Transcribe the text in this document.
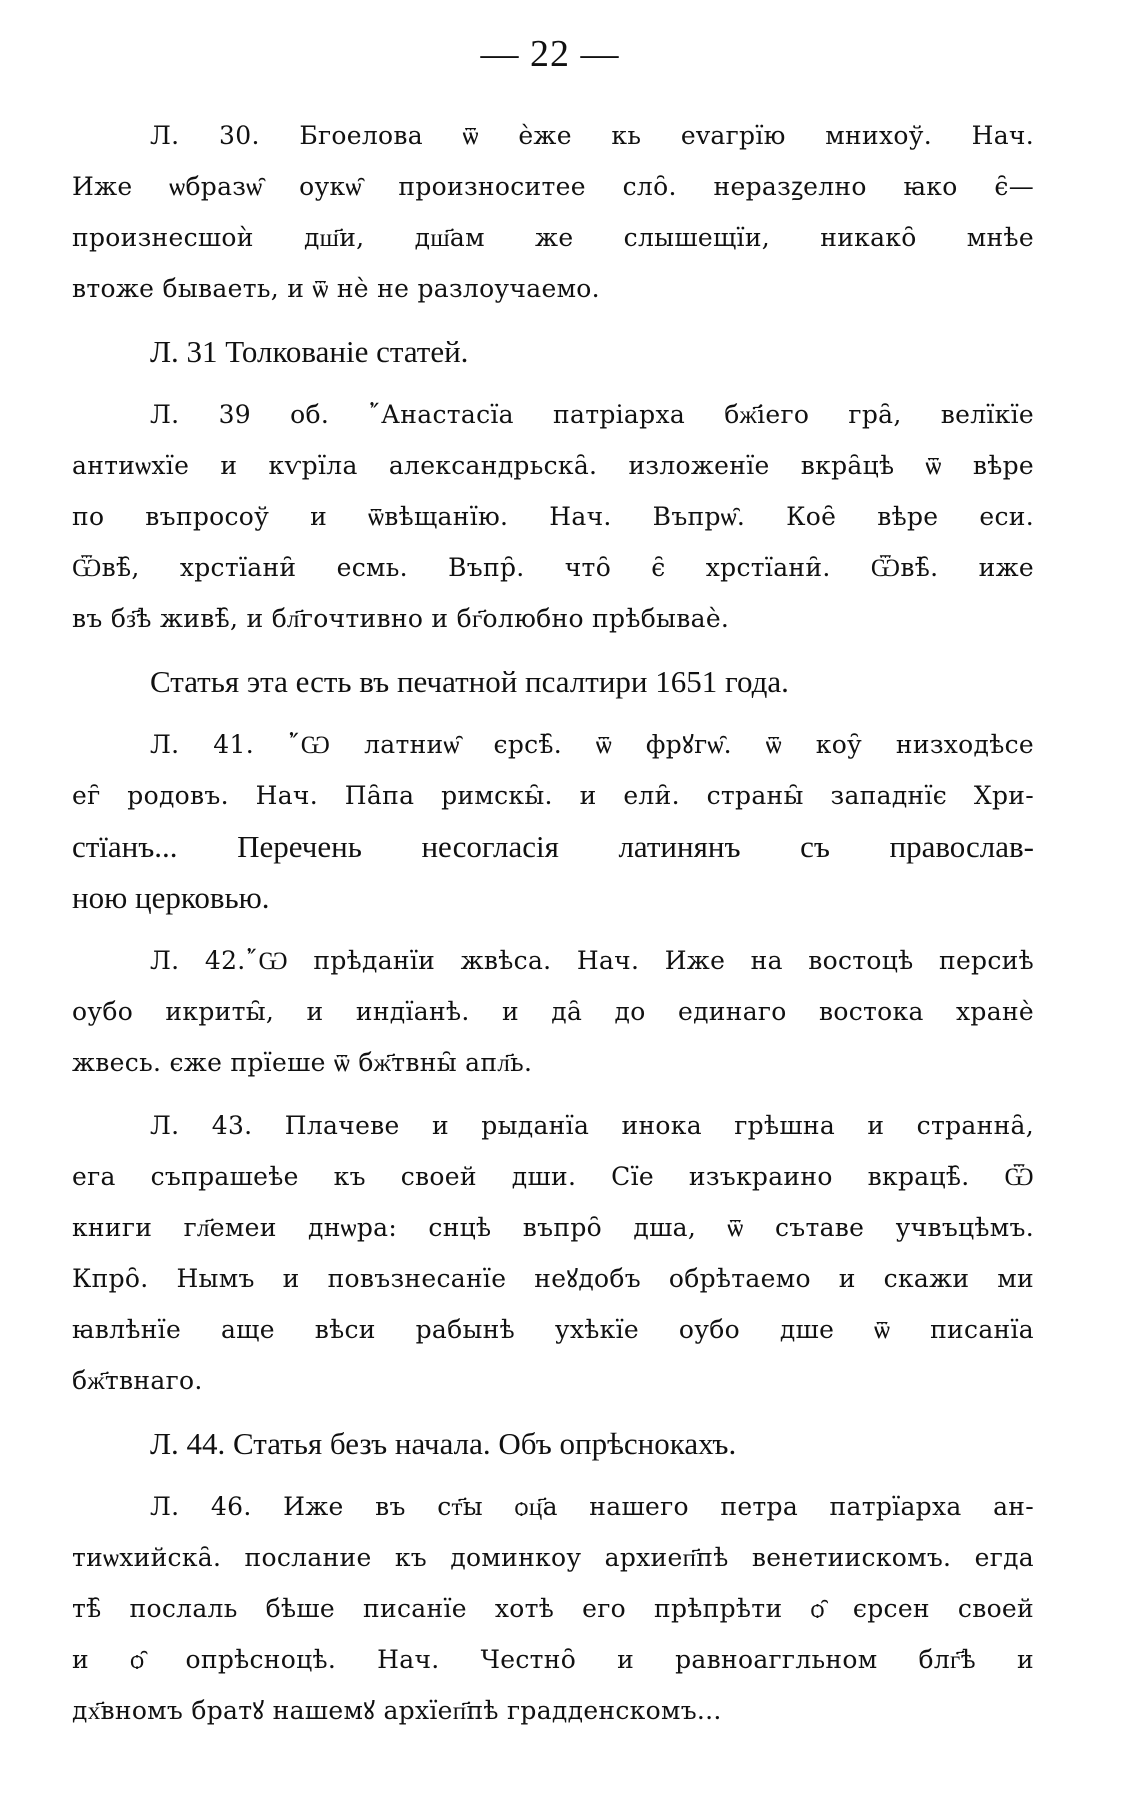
— 22 —
Л. 30. Бгоеловa ѿ ѐже кь еvагрїю мнихоў. Нач.
Иже ѡбразѡ̑ оукѡ̑ произноситее сло̑. неразꙁелно ꙗко є̑—
произнесшоѝ дш҃и, дш҃ам же слышещїи, никако̑ мнѣе
втоже бываеть, и ѿ нѐ не разлоучаемо.
Л. 31 Толкованіе статей.
Л. 39 об. ῎Анастасїа патріарха бж҃іего гра̑, велїкїе
антиѡхїе и кѵрїла александрьска̑. изложенїе вкра̑цѣ ѿ вѣре
по въпросоў и ѿвѣщанїю. Нач. Въпрѡ̑. Кое̑ вѣре еси.
Ѿвѣ̑, хрстїани̑ есмь. Въпр̑. что̑ є̑ хрстїани̑. Ѿвѣ̑. иже
въ бз҃ѣ живѣ̑, и бл҃гочтивно и бг҃олюбно прѣбываѐ.
Статья эта есть въ печатной псалтири 1651 года.
Л. 41. ῎Ѡ латниѡ̑ єрсѣ̑. ѿ фрꙋгѡ̑. ѿ коу̑ низходѣсе
ег̑ родовъ. Нач. Па̑па римскы̑. и ели̑. страны̑ западнїє Хри-
стїанъ... Перечень несогласія латинянъ съ православ-
ною церковью.
Л. 42.῎Ѡ прѣданїи жвѣса. Нач. Иже на востоцѣ персиѣ
оубо икриты̑, и индїанѣ. и да̑ до единаго востока хранѐ
жвесь. єже прїеше ѿ бж҃твны̑ апл҃ь.
Л. 43. Плачеве и рыданїа инока грѣшна и странна̑,
ега съпрашеѣе къ своей дши. Сїе изъкраино вкрацѣ̑. Ѿ
книги гл҃емеи днѡра: снцѣ въпро̑ дша, ѿ сътаве учвъцѣмъ.
Кпро̑. Нымъ и повъзнесанїе неꙋдобъ обрѣтаемо и скажи ми
ꙗвлѣнїе аще вѣси рабынѣ ухѣкїе оубо дше ѿ писанїа
бж҃твнаго.
Л. 44. Статья безъ начала. Объ опрѣснокахъ.
Л. 46. Иже въ ст҃ы ѻц҃а нашего петра патрїарха ан-
тиѡхийска̑. послание къ доминкоу архиеп҃пѣ венетиискомъ. егда
тѣ̑ послаль бѣше писанїе хотѣ его прѣпрѣти ѻ̑ єрсен своей
и ѻ̑ опрѣсноцѣ. Нач. Честно̑ и равноаггльном блг҃ѣ и
дх҃вномъ братꙋ нашемꙋ архїеп҃пѣ градденскомъ...
